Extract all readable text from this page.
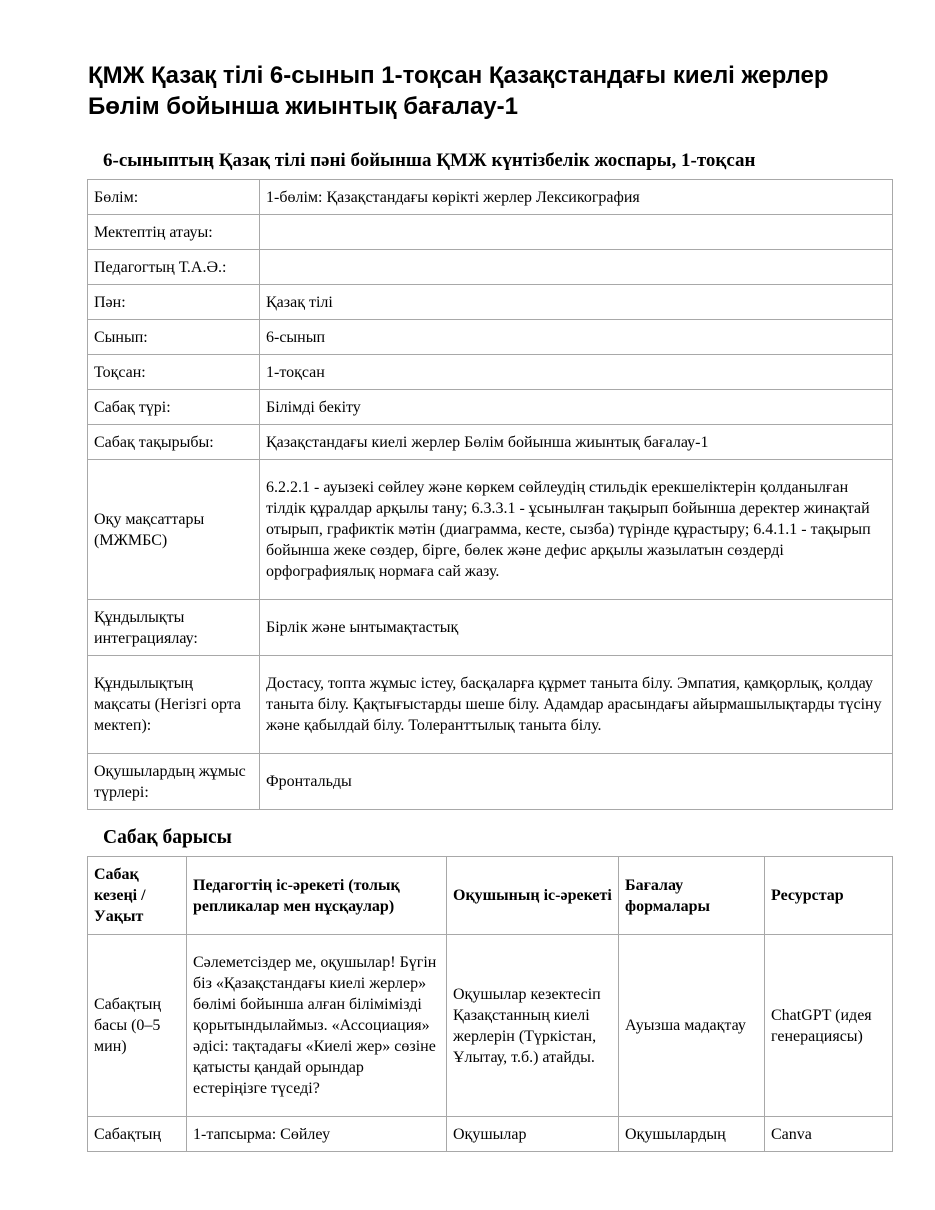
ҚМЖ Қазақ тілі 6-сынып 1-тоқсан Қазақстандағы киелі жерлер Бөлім бойынша жиынтық бағалау-1
6-сыныптың Қазақ тілі пәні бойынша ҚМЖ күнтізбелік жоспары, 1-тоқсан
Бөлім:	1-бөлім: Қазақстандағы көрікті жерлер Лексикография
Мектептің атауы:	
Педагогтың Т.А.Ә.:	
Пән:	Қазақ тілі
Сынып:	6-сынып
Тоқсан:	1-тоқсан
Сабақ түрі:	Білімді бекіту
Сабақ тақырыбы:	Қазақстандағы киелі жерлер Бөлім бойынша жиынтық бағалау-1
Оқу мақсаттары (МЖМБС)	6.2.2.1 - ауызекі сөйлеу және көркем сөйлеудің стильдік ерекшеліктерін қолданылған тілдік құралдар арқылы тану; 6.3.3.1 - ұсынылған тақырып бойынша деректер жинақтай отырып, графиктік мәтін (диаграмма, кесте, сызба) түрінде құрастыру; 6.4.1.1 - тақырып бойынша жеке сөздер, бірге, бөлек және дефис арқылы жазылатын сөздерді орфографиялық нормаға сай жазу.
Құндылықты интеграциялау:	Бірлік және ынтымақтастық
Құндылықтың мақсаты (Негізгі орта мектеп):	Достасу, топта жұмыс істеу, басқаларға құрмет таныта білу. Эмпатия, қамқорлық, қолдау таныта білу. Қақтығыстарды шеше білу. Адамдар арасындағы айырмашылықтарды түсіну және қабылдай білу. Толеранттылық таныта білу.
Оқушылардың жұмыс түрлері:	Фронтальды
Сабақ барысы
Сабақ кезеңі / Уақыт	Педагогтің іс-әрекеті (толық репликалар мен нұсқаулар)	Оқушының іс-әрекеті	Бағалау формалары	Ресурстар
Сабақтың басы (0–5 мин)	Сәлеметсіздер ме, оқушылар! Бүгін біз «Қазақстандағы киелі жерлер» бөлімі бойынша алған білімімізді қорытындылаймыз. «Ассоциация» әдісі: тақтадағы «Киелі жер» сөзіне қатысты қандай орындар естеріңізге түседі?	Оқушылар кезектесіп Қазақстанның киелі жерлерін (Түркістан, Ұлытау, т.б.) атайды.	Ауызша мадақтау	ChatGPT (идея генерациясы)
Сабақтың	1-тапсырма: Сөйлеу	Оқушылар	Оқушылардың	Canva
